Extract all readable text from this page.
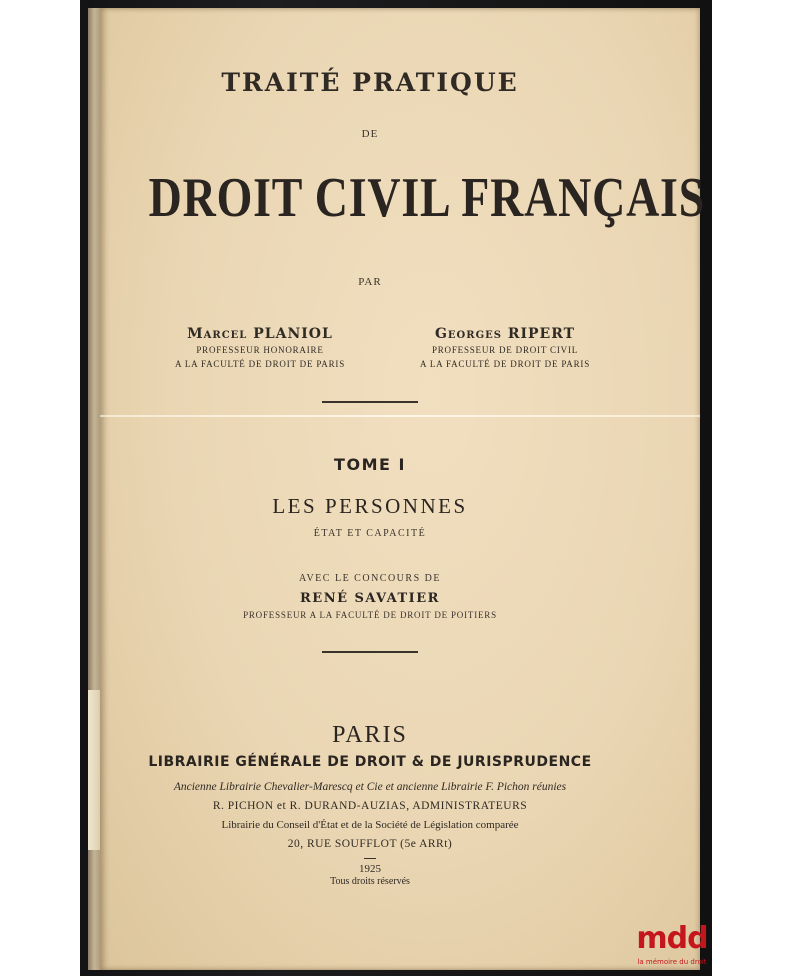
TRAITÉ PRATIQUE
DE
DROIT CIVIL FRANÇAIS
PAR
Marcel PLANIOL
PROFESSEUR HONORAIRE
A LA FACULTÉ DE DROIT DE PARIS
Georges RIPERT
PROFESSEUR DE DROIT CIVIL
A LA FACULTÉ DE DROIT DE PARIS
TOME I
LES PERSONNES
ÉTAT ET CAPACITÉ
AVEC LE CONCOURS DE
RENÉ SAVATIER
PROFESSEUR A LA FACULTÉ DE DROIT DE POITIERS
PARIS
LIBRAIRIE GÉNÉRALE DE DROIT & DE JURISPRUDENCE
Ancienne Librairie Chevalier-Marescq et Cie et ancienne Librairie F. Pichon réunies
R. PICHON et R. DURAND-AUZIAS, ADMINISTRATEURS
Librairie du Conseil d'État et de la Société de Législation comparée
20, RUE SOUFFLOT (5e ARRt)
1925
Tous droits réservés
mdd
la mémoire du droit
